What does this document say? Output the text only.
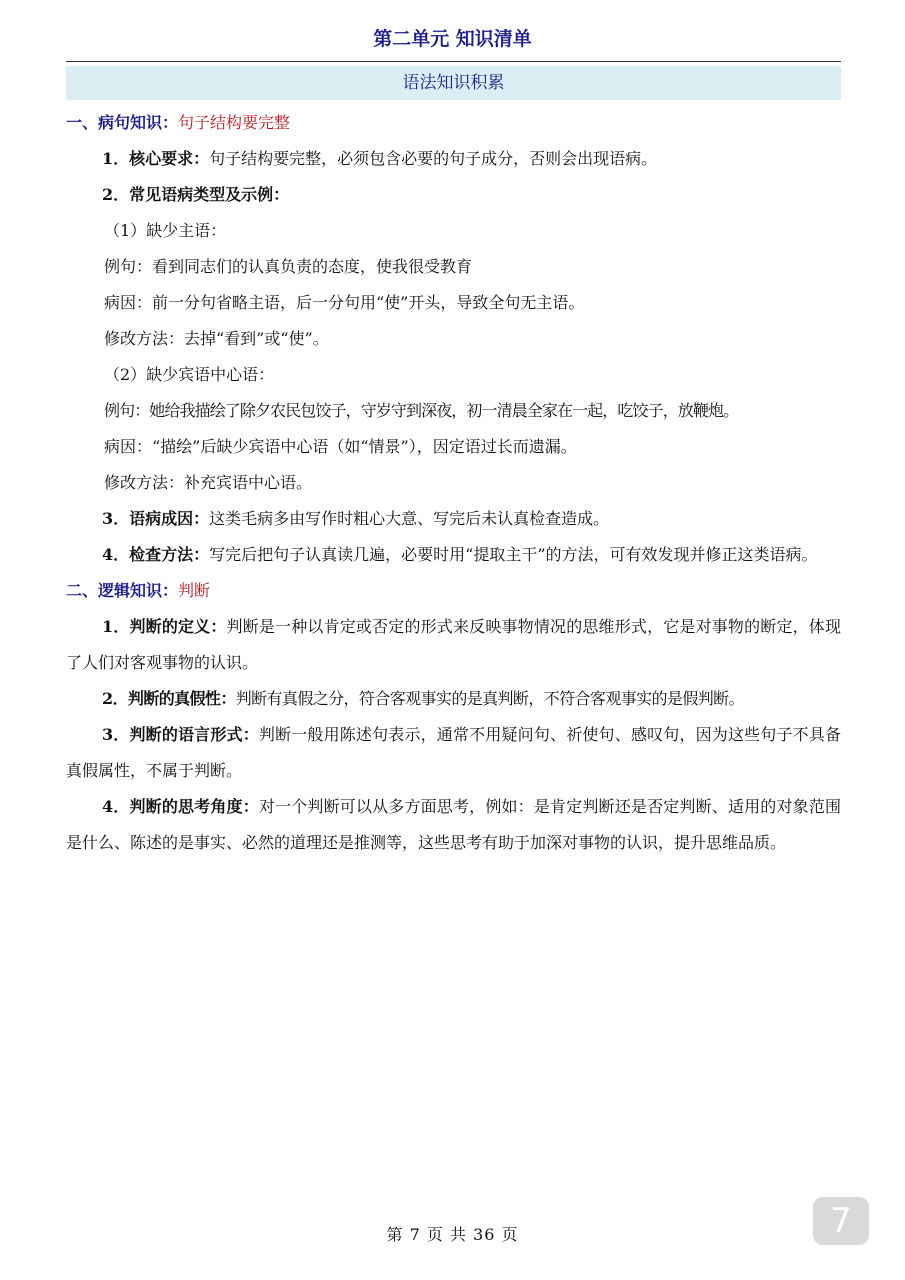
第二单元 知识清单
语法知识积累
一、病句知识：句子结构要完整
1．核心要求：句子结构要完整，必须包含必要的句子成分，否则会出现语病。
2．常见语病类型及示例：
（1）缺少主语：
例句：看到同志们的认真负责的态度，使我很受教育
病因：前一分句省略主语，后一分句用“使”开头，导致全句无主语。
修改方法：去掉“看到”或“使”。
（2）缺少宾语中心语：
例句：她给我描绘了除夕农民包饺子，守岁守到深夜，初一清晨全家在一起，吃饺子，放鞭炮。
病因：“描绘”后缺少宾语中心语（如“情景”），因定语过长而遗漏。
修改方法：补充宾语中心语。
3．语病成因：这类毛病多由写作时粗心大意、写完后未认真检查造成。
4．检查方法：写完后把句子认真读几遍，必要时用“提取主干”的方法，可有效发现并修正这类语病。
二、逻辑知识：判断
1．判断的定义：判断是一种以肯定或否定的形式来反映事物情况的思维形式，它是对事物的断定，体现了人们对客观事物的认识。
2．判断的真假性：判断有真假之分，符合客观事实的是真判断，不符合客观事实的是假判断。
3．判断的语言形式：判断一般用陈述句表示，通常不用疑问句、祈使句、感叹句，因为这些句子不具备真假属性，不属于判断。
4．判断的思考角度：对一个判断可以从多方面思考，例如：是肯定判断还是否定判断、适用的对象范围是什么、陈述的是事实、必然的道理还是推测等，这些思考有助于加深对事物的认识，提升思维品质。
第 7 页 共 36 页	7
